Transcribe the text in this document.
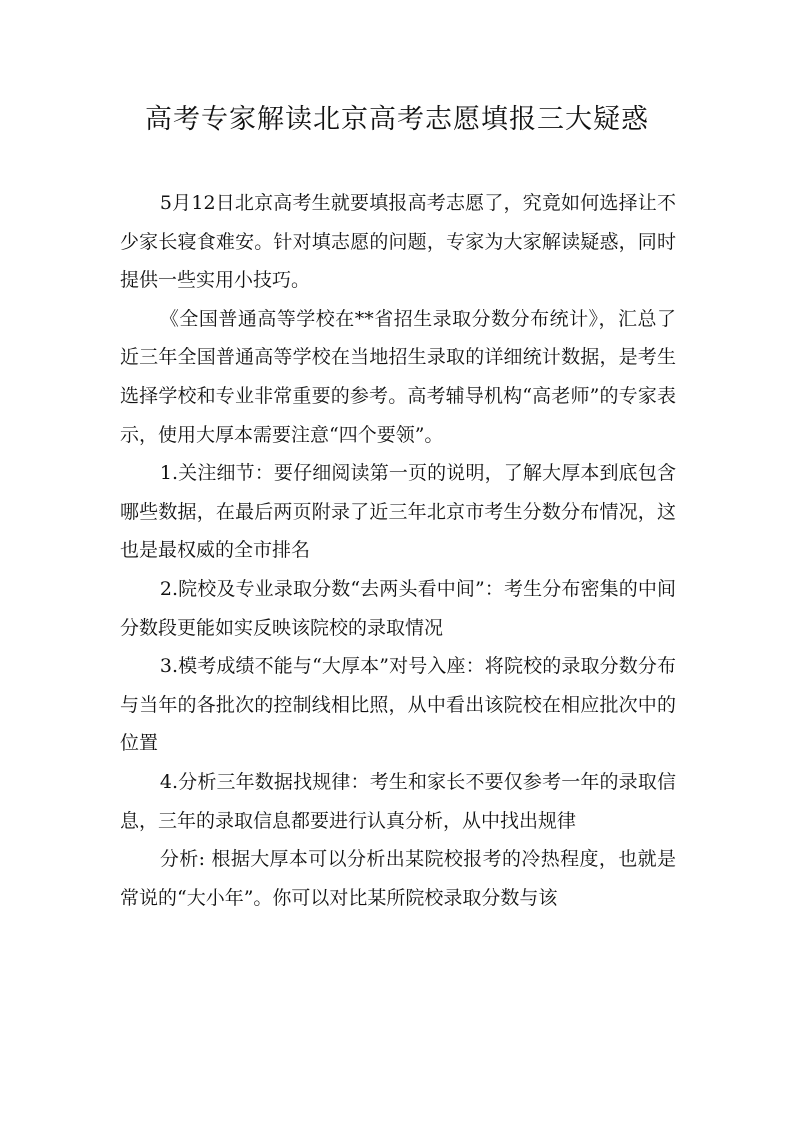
高考专家解读北京高考志愿填报三大疑惑

5月12日北京高考生就要填报高考志愿了，究竟如何选择让不少家长寝食难安。针对填志愿的问题，专家为大家解读疑惑，同时提供一些实用小技巧。

《全国普通高等学校在**省招生录取分数分布统计》，汇总了近三年全国普通高等学校在当地招生录取的详细统计数据，是考生选择学校和专业非常重要的参考。高考辅导机构“高老师”的专家表示，使用大厚本需要注意“四个要领”。

1.关注细节：要仔细阅读第一页的说明，了解大厚本到底包含哪些数据，在最后两页附录了近三年北京市考生分数分布情况，这也是最权威的全市排名

2.院校及专业录取分数“去两头看中间”：考生分布密集的中间分数段更能如实反映该院校的录取情况

3.模考成绩不能与“大厚本”对号入座：将院校的录取分数分布与当年的各批次的控制线相比照，从中看出该院校在相应批次中的位置

4.分析三年数据找规律：考生和家长不要仅参考一年的录取信息，三年的录取信息都要进行认真分析，从中找出规律

分析: 根据大厚本可以分析出某院校报考的冷热程度，也就是常说的“大小年”。你可以对比某所院校录取分数与该
